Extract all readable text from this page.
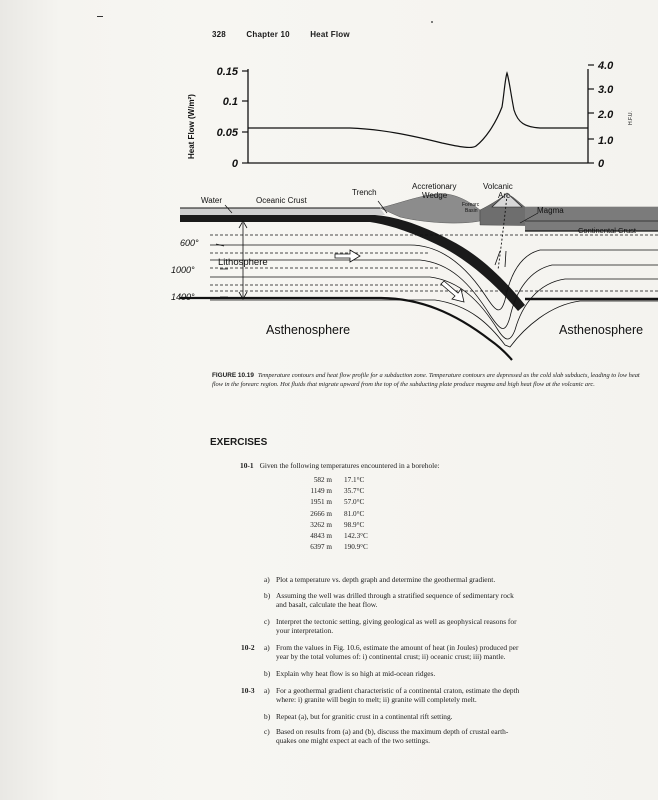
328	Chapter 10	Heat Flow
0.15
0.1
0.05
0
Heat Flow (W/m²)
4.0
3.0
2.0
1.0
0
H.F.U.
Water	Oceanic Crust
Trench
Accretionary
Wedge
Forearc
Basin
Volcanic
Arc
Magma
Continental Crust
Lithosphere
Asthenosphere	Asthenosphere
600°
1000°
1400°
FIGURE 10.19 Temperature contours and heat flow profile for a subduction zone. Temperature contours are depressed as the cold slab subducts, leading to low heat flow in the forearc region. Hot fluids that migrate upward from the top of the subducting plate produce magma and high heat flow at the volcanic arc.
EXERCISES
10-1 Given the following temperatures encountered in a borehole:
582 m	17.1°C
1149 m	35.7°C
1951 m	57.0°C
2666 m	81.0°C
3262 m	98.9°C
4843 m	142.3°C
6397 m	190.9°C
a) Plot a temperature vs. depth graph and determine the geothermal gradient.
b) Assuming the well was drilled through a stratified sequence of sedimentary rock
and basalt, calculate the heat flow.
c) Interpret the tectonic setting, giving geological as well as geophysical reasons for
your interpretation.
10-2 a) From the values in Fig. 10.6, estimate the amount of heat (in Joules) produced per
year by the total volumes of: i) continental crust; ii) oceanic crust; iii) mantle.
b) Explain why heat flow is so high at mid-ocean ridges.
10-3 a) For a geothermal gradient characteristic of a continental craton, estimate the depth
where: i) granite will begin to melt; ii) granite will completely melt.
b) Repeat (a), but for granitic crust in a continental rift setting.
c) Based on results from (a) and (b), discuss the maximum depth of crustal earth-
quakes one might expect at each of the two settings.
